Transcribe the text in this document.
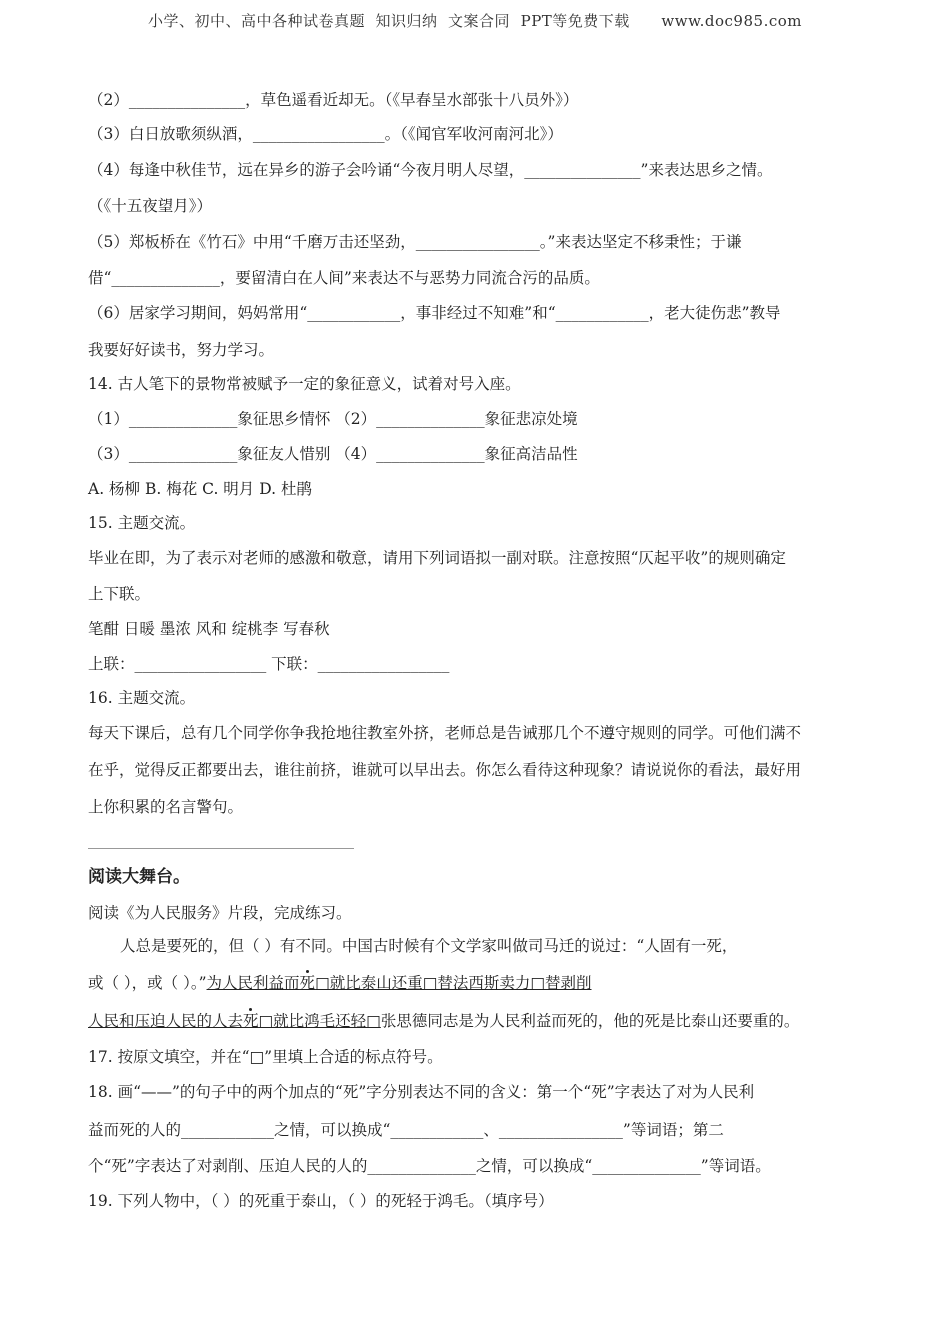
小学、初中、高中各种试卷真题  知识归纳  文案合同  PPT等免费下载      www.doc985.com
（2）_______________，草色遥看近却无。（《早春呈水部张十八员外》）
（3）白日放歌须纵酒，_________________。（《闻官军收河南河北》）
（4）每逢中秋佳节，远在异乡的游子会吟诵“今夜月明人尽望，_______________”来表达思乡之情。
（《十五夜望月》）
（5）郑板桥在《竹石》中用“千磨万击还坚劲，________________。”来表达坚定不移秉性；于谦
借“______________，要留清白在人间”来表达不与恶势力同流合污的品质。
（6）居家学习期间，妈妈常用“____________，事非经过不知难”和“____________，老大徒伤悲”教导
我要好好读书，努力学习。
14. 古人笔下的景物常被赋予一定的象征意义，试着对号入座。
（1）______________象征思乡情怀 （2）______________象征悲凉处境
（3）______________象征友人惜别 （4）______________象征高洁品性
A. 杨柳 B. 梅花 C. 明月 D. 杜鹃
15. 主题交流。
毕业在即，为了表示对老师的感激和敬意，请用下列词语拟一副对联。注意按照“仄起平收”的规则确定
上下联。
笔酣 日暖 墨浓 风和 绽桃李 写春秋
上联：_________________ 下联：_________________
16. 主题交流。
每天下课后，总有几个同学你争我抢地往教室外挤，老师总是告诫那几个不遵守规则的同学。可他们满不
在乎，觉得反正都要出去，谁往前挤，谁就可以早出去。你怎么看待这种现象？请说说你的看法，最好用
上你积累的名言警句。
阅读大舞台。
阅读《为人民服务》片段，完成练习。
人总是要死的，但（ ）有不同。中国古时候有个文学家叫做司马迁的说过：“人固有一死，
或（ ），或（ ）。”为人民利益而死□就比泰山还重□替法西斯卖力□替剥削
人民和压迫人民的人去死□就比鸿毛还轻□张思德同志是为人民利益而死的，他的死是比泰山还要重的。
17. 按原文填空，并在“□”里填上合适的标点符号。
18. 画“——”的句子中的两个加点的“死”字分别表达不同的含义：第一个“死”字表达了对为人民利
益而死的人的____________之情，可以换成“____________、________________”等词语；第二
个“死”字表达了对剥削、压迫人民的人的______________之情，可以换成“______________”等词语。
19. 下列人物中，（ ）的死重于泰山，（ ）的死轻于鸿毛。（填序号）
